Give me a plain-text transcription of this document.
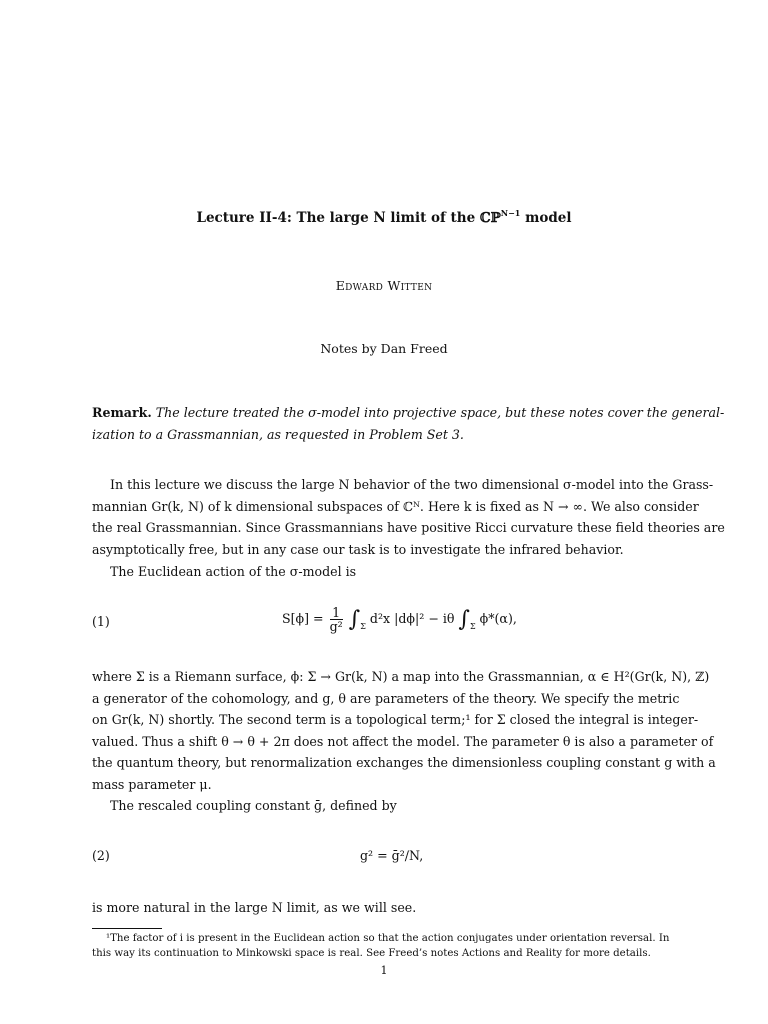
Lecture II-4: The large N limit of the ℂℙ$^{N-1}$ model
Edward Witten
Notes by Dan Freed
Remark. The lecture treated the σ-model into projective space, but these notes cover the general-
ization to a Grassmannian, as requested in Problem Set 3.
In this lecture we discuss the large N behavior of the two dimensional σ-model into the Grass-
mannian Gr(k, N) of k dimensional subspaces of ℂᴺ. Here k is fixed as N → ∞. We also consider
the real Grassmannian. Since Grassmannians have positive Ricci curvature these field theories are
asymptotically free, but in any case our task is to investigate the infrared behavior.
The Euclidean action of the σ-model is
(1)	$S[\phi] = \frac{1}{\text{g²}} \int_\Sigma$ d²x |dϕ|² − iθ $\int_\Sigma$ ϕ*(α),
where Σ is a Riemann surface, ϕ: Σ → Gr(k, N) a map into the Grassmannian, α ∈ H²(Gr(k, N), ℤ)
a generator of the cohomology, and g, θ are parameters of the theory. We specify the metric
on Gr(k, N) shortly. The second term is a topological term;¹ for Σ closed the integral is integer-
valued. Thus a shift θ → θ + 2π does not affect the model. The parameter θ is also a parameter of
the quantum theory, but renormalization exchanges the dimensionless coupling constant g with a
mass parameter μ.
The rescaled coupling constant ḡ, defined by
(2)	g² = ḡ²/N,
is more natural in the large N limit, as we will see.
¹The factor of i is present in the Euclidean action so that the action conjugates under orientation reversal. In
this way its continuation to Minkowski space is real. See Freed’s notes Actions and Reality for more details.
1
